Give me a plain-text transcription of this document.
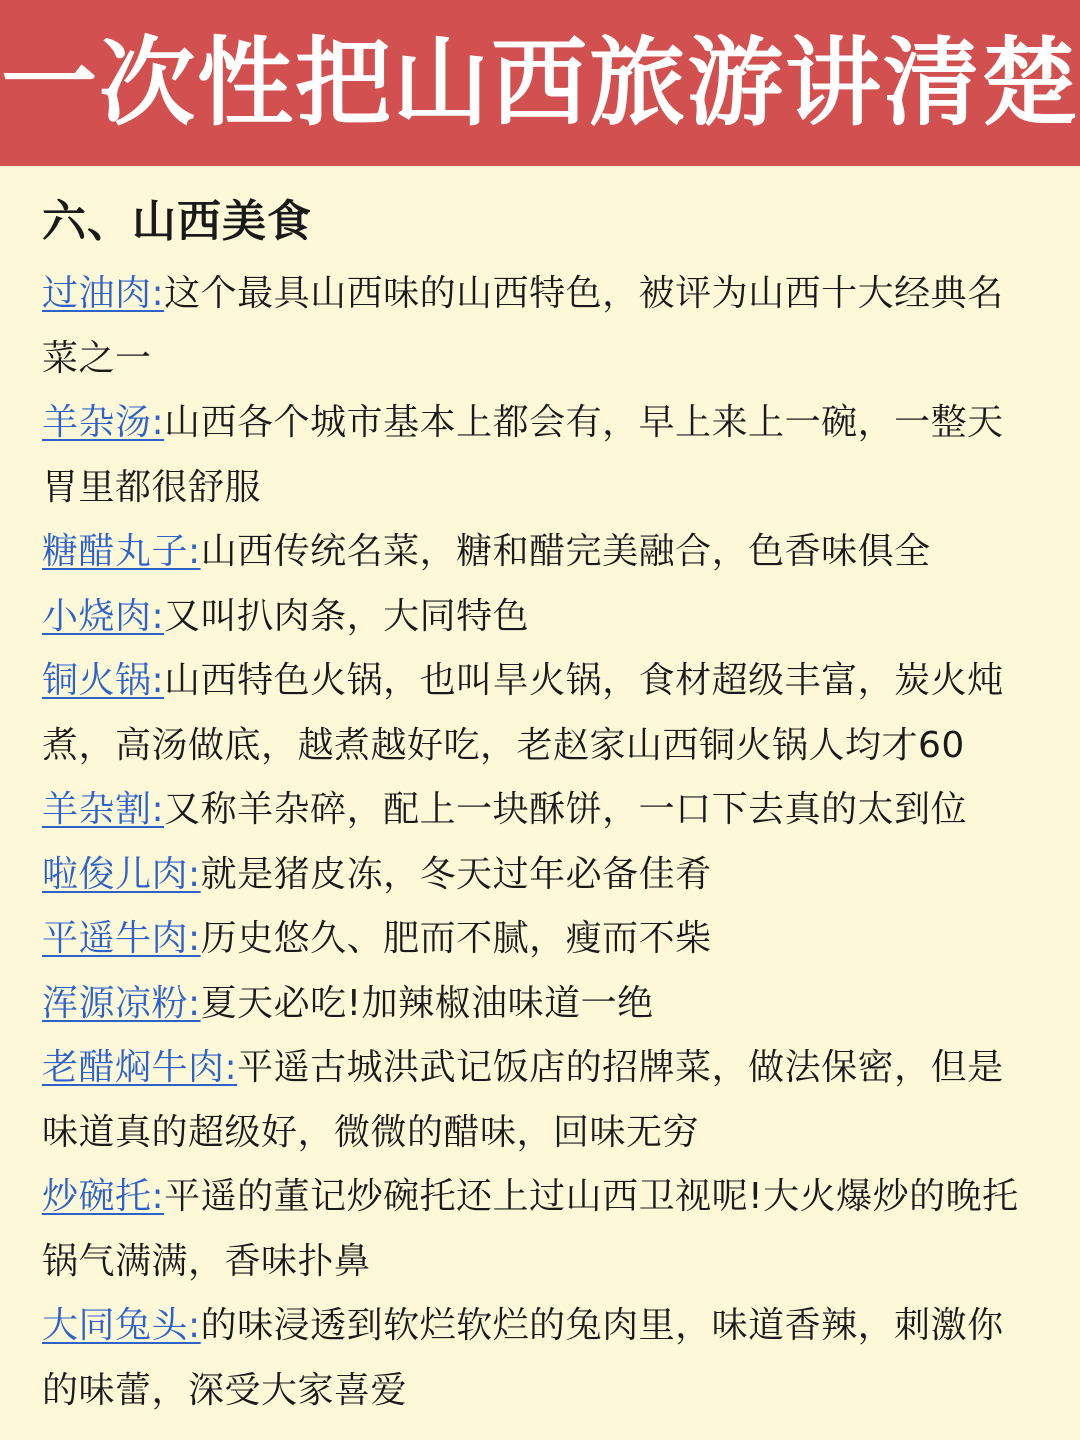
一次性把山西旅游讲清楚
六、山西美食
过油肉:这个最具山西味的山西特色，被评为山西十大经典名菜之一
羊杂汤:山西各个城市基本上都会有，早上来上一碗，一整天胃里都很舒服
糖醋丸子:山西传统名菜，糖和醋完美融合，色香味俱全
小烧肉:又叫扒肉条，大同特色
铜火锅:山西特色火锅，也叫旱火锅，食材超级丰富，炭火炖煮，高汤做底，越煮越好吃，老赵家山西铜火锅人均才60
羊杂割:又称羊杂碎，配上一块酥饼，一口下去真的太到位
啦俊儿肉:就是猪皮冻，冬天过年必备佳肴
平遥牛肉:历史悠久、肥而不腻，瘦而不柴
浑源凉粉:夏天必吃!加辣椒油味道一绝
老醋焖牛肉:平遥古城洪武记饭店的招牌菜，做法保密，但是味道真的超级好，微微的醋味，回味无穷
炒碗托:平遥的董记炒碗托还上过山西卫视呢!大火爆炒的晚托锅气满满，香味扑鼻
大同兔头:的味浸透到软烂软烂的兔肉里，味道香辣，刺激你的味蕾，深受大家喜爱
